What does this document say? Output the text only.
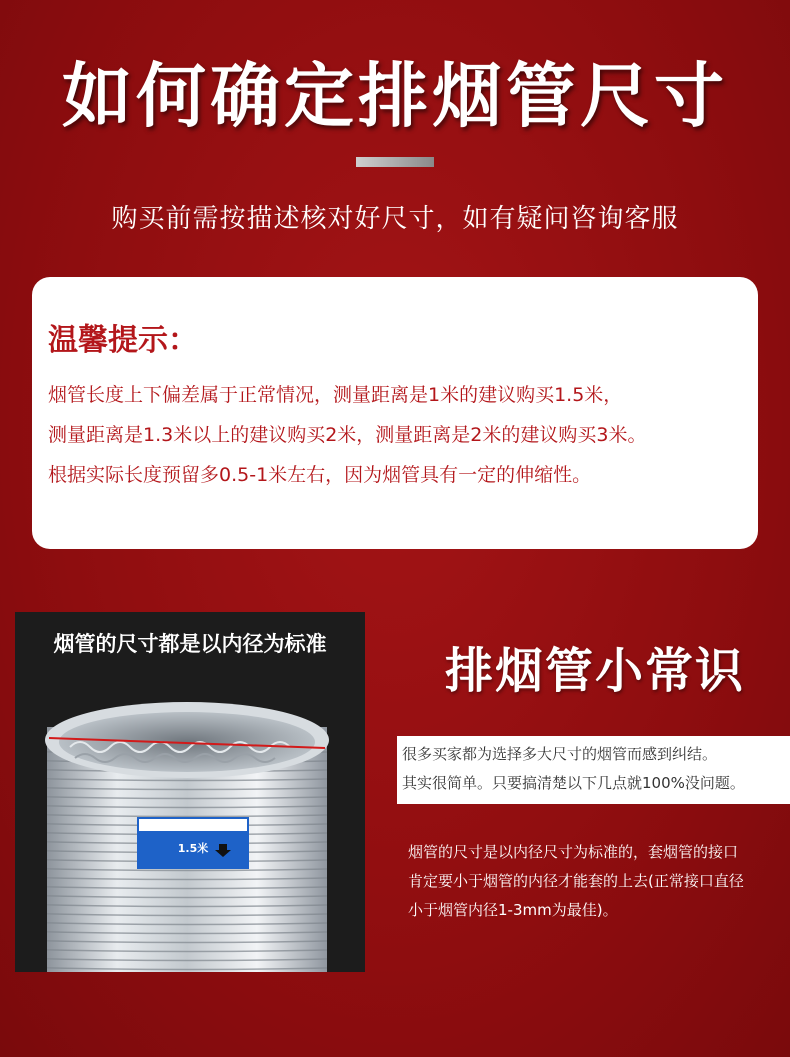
如何确定排烟管尺寸
购买前需按描述核对好尺寸，如有疑问咨询客服
温馨提示：
烟管长度上下偏差属于正常情况，测量距离是1米的建议购买1.5米，
测量距离是1.3米以上的建议购买2米，测量距离是2米的建议购买3米。
根据实际长度预留多0.5-1米左右，因为烟管具有一定的伸缩性。
1.5米
烟管的尺寸都是以内径为标准	排烟管小常识
很多买家都为选择多大尺寸的烟管而感到纠结。
其实很简单。只要搞清楚以下几点就100%没问题。
烟管的尺寸是以内径尺寸为标准的，套烟管的接口
肯定要小于烟管的内径才能套的上去(正常接口直径
小于烟管内径1-3mm为最佳)。
